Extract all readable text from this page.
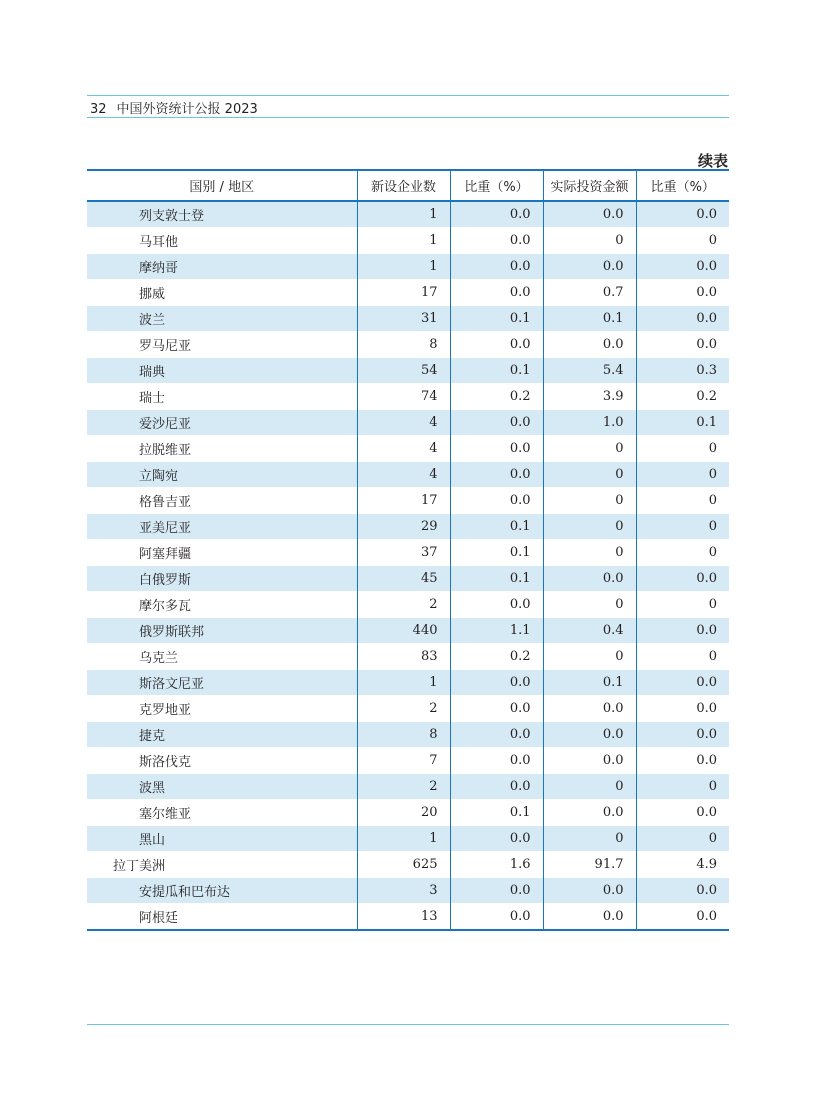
32 中国外资统计公报 2023
续表
国别 / 地区	新设企业数	比重（%）	实际投资金额	比重（%）
列支敦士登	1	0.0	0.0	0.0
马耳他	1	0.0	0	0
摩纳哥	1	0.0	0.0	0.0
挪威	17	0.0	0.7	0.0
波兰	31	0.1	0.1	0.0
罗马尼亚	8	0.0	0.0	0.0
瑞典	54	0.1	5.4	0.3
瑞士	74	0.2	3.9	0.2
爱沙尼亚	4	0.0	1.0	0.1
拉脱维亚	4	0.0	0	0
立陶宛	4	0.0	0	0
格鲁吉亚	17	0.0	0	0
亚美尼亚	29	0.1	0	0
阿塞拜疆	37	0.1	0	0
白俄罗斯	45	0.1	0.0	0.0
摩尔多瓦	2	0.0	0	0
俄罗斯联邦	440	1.1	0.4	0.0
乌克兰	83	0.2	0	0
斯洛文尼亚	1	0.0	0.1	0.0
克罗地亚	2	0.0	0.0	0.0
捷克	8	0.0	0.0	0.0
斯洛伐克	7	0.0	0.0	0.0
波黑	2	0.0	0	0
塞尔维亚	20	0.1	0.0	0.0
黑山	1	0.0	0	0
拉丁美洲	625	1.6	91.7	4.9
安提瓜和巴布达	3	0.0	0.0	0.0
阿根廷	13	0.0	0.0	0.0
